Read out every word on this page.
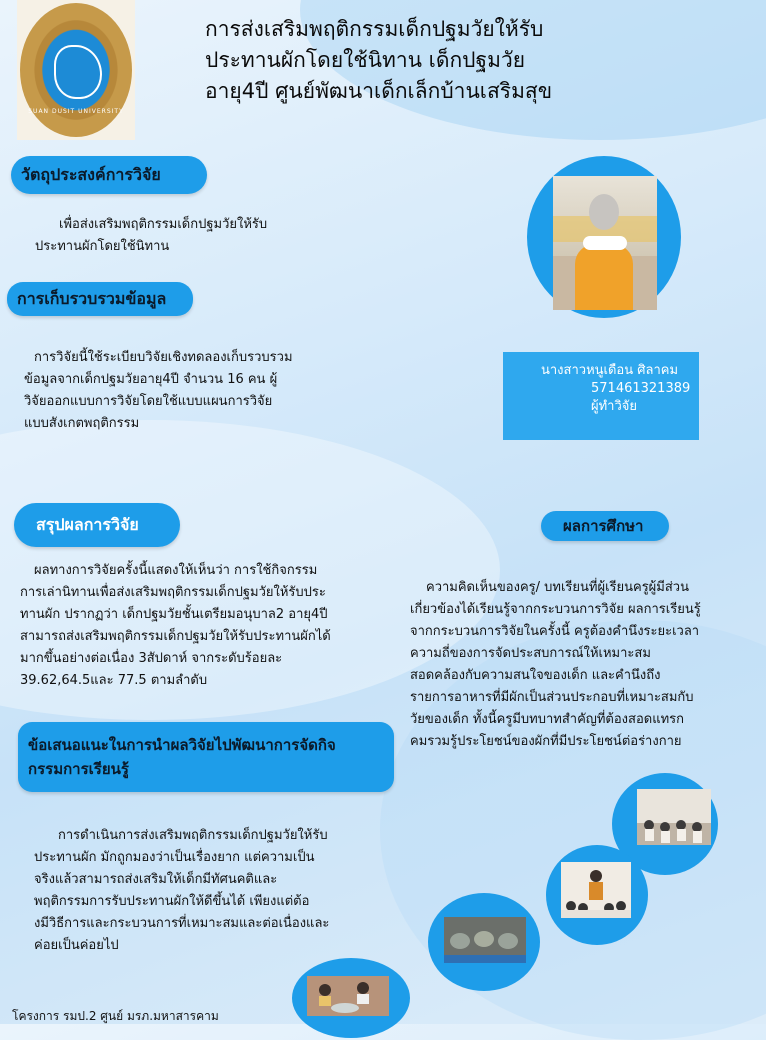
SUAN DUSIT UNIVERSITY

การส่งเสริมพฤติกรรมเด็กปฐมวัยให้รับ

ประทานผักโดยใช้นิทาน เด็กปฐมวัย

อายุ4ปี ศูนย์พัฒนาเด็กเล็กบ้านเสริมสุข

วัตถุประสงค์การวิจัย

เพื่อส่งเสริมพฤติกรรมเด็กปฐมวัยให้รับ

ประทานผักโดยใช้นิทาน

การเก็บรวบรวมข้อมูล

การวิจัยนี้ใช้ระเบียบวิจัยเชิงทดลองเก็บรวบรวม

ข้อมูลจากเด็กปฐมวัยอายุ4ปี จำนวน 16 คน ผู้

วิจัยออกแบบการวิจัยโดยใช้แบบแผนการวิจัย

แบบสังเกตพฤติกรรม

นางสาวหนูเดือน ศิลาคม

571461321389

ผู้ทำวิจัย

สรุปผลการวิจัย

ผลทางการวิจัยครั้งนี้แสดงให้เห็นว่า การใช้กิจกรรม

การเล่านิทานเพื่อส่งเสริมพฤติกรรมเด็กปฐมวัยให้รับประ

ทานผัก ปรากฏว่า เด็กปฐมวัยชั้นเตรียมอนุบาล2 อายุ4ปี

สามารถส่งเสริมพฤติกรรมเด็กปฐมวัยให้รับประทานผักได้

มากขึ้นอย่างต่อเนื่อง 3สัปดาห์ จากระดับร้อยละ

39.62,64.5และ 77.5 ตามลำดับ

ผลการศึกษา

ความคิดเห็นของครู/ บทเรียนที่ผู้เรียนครูผู้มีส่วน

เกี่ยวข้องได้เรียนรู้จากกระบวนการวิจัย ผลการเรียนรู้

จากกระบวนการวิจัยในครั้งนี้ ครูต้องคำนึงระยะเวลา

ความถี่ของการจัดประสบการณ์ให้เหมาะสม

สอดคล้องกับความสนใจของเด็ก และคำนึงถึง

รายการอาหารที่มีผักเป็นส่วนประกอบที่เหมาะสมกับ

วัยของเด็ก ทั้งนี้ครูมีบทบาทสำคัญที่ต้องสอดแทรก

คมรวมรู้ประโยชน์ของผักที่มีประโยชน์ต่อร่างกาย

ข้อเสนอแนะในการนำผลวิจัยไปพัฒนาการจัดกิจ
กรรมการเรียนรู้

การดำเนินการส่งเสริมพฤติกรรมเด็กปฐมวัยให้รับ

ประทานผัก มักถูกมองว่าเป็นเรื่องยาก แต่ความเป็น

จริงแล้วสามารถส่งเสริมให้เด็กมีทัศนคติและ

พฤติกรรมการรับประทานผักให้ดีขึ้นได้ เพียงแต่ต้อ

งมีวิธีการและกระบวนการที่เหมาะสมและต่อเนื่องและ

ค่อยเป็นค่อยไป

โครงการ รมป.2 ศูนย์ มรภ.มหาสารคาม
